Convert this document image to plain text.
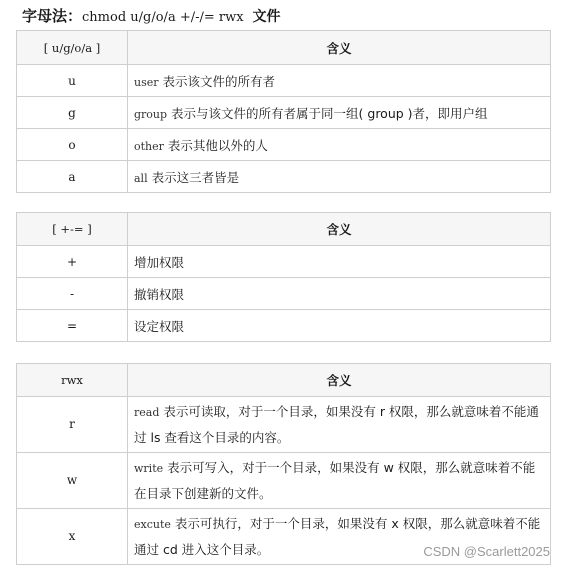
字母法：chmod u/g/o/a +/-/= rwx 文件
[ u/g/o/a ]	含义
u	user 表示该文件的所有者
g	group 表示与该文件的所有者属于同一组( group )者，即用户组
o	other 表示其他以外的人
a	all 表示这三者皆是
[ +-= ]	含义
+	增加权限
-	撤销权限
=	设定权限
rwx	含义
r	read 表示可读取，对于一个目录，如果没有 r 权限，那么就意味着不能通过 ls 查看这个目录的内容。
w	write 表示可写入，对于一个目录，如果没有 w 权限，那么就意味着不能在目录下创建新的文件。
x	excute 表示可执行，对于一个目录，如果没有 x 权限，那么就意味着不能通过 cd 进入这个目录。	CSDN @Scarlett2025
